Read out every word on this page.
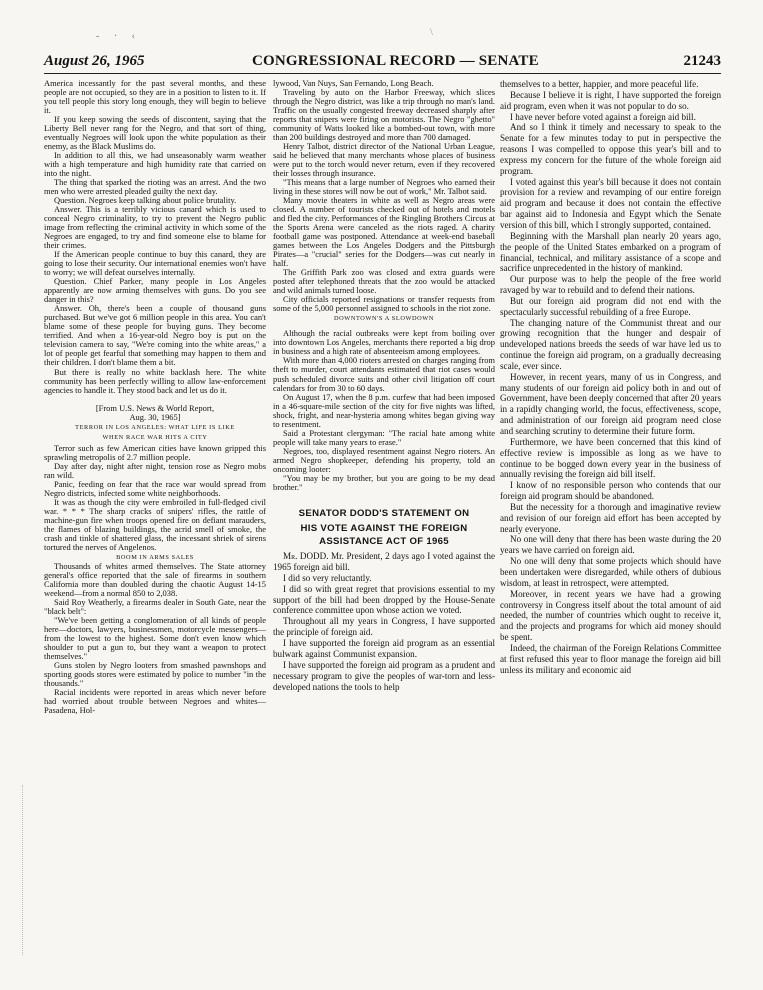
- · ‹	\
August 26, 1965	CONGRESSIONAL RECORD — SENATE	21243

America incessantly for the past several months, and these people are not occupied, so they are in a position to listen to it. If you tell people this story long enough, they will begin to believe it.

If you keep sowing the seeds of discontent, saying that the Liberty Bell never rang for the Negro, and that sort of thing, eventually Negroes will look upon the white population as their enemy, as the Black Muslims do.

In addition to all this, we had unseasonably warm weather with a high temperature and high humidity rate that carried on into the night.

The thing that sparked the rioting was an arrest. And the two men who were arrested pleaded guilty the next day.

Question. Negroes keep talking about police brutality.

Answer. This is a terribly vicious canard which is used to conceal Negro criminality, to try to prevent the Negro public image from reflecting the criminal activity in which some of the Negroes are engaged, to try and find someone else to blame for their crimes.

If the American people continue to buy this canard, they are going to lose their security. Our international enemies won't have to worry; we will defeat ourselves internally.

Question. Chief Parker, many people in Los Angeles apparently are now arming themselves with guns. Do you see danger in this?

Answer. Oh, there's been a couple of thousand guns purchased. But we've got 6 million people in this area. You can't blame some of these people for buying guns. They become terrified. And when a 16-year-old Negro boy is put on the television camera to say, "We're coming into the white areas," a lot of people get fearful that something may happen to them and their children. I don't blame them a bit.

But there is really no white backlash here. The white community has been perfectly willing to allow law-enforcement agencies to handle it. They stood back and let us do it.

[From U.S. News & World Report,

Aug. 30, 1965]

TERROR IN LOS ANGELES: WHAT LIFE IS LIKE

WHEN RACE WAR HITS A CITY

Terror such as few American cities have known gripped this sprawling metropolis of 2.7 million people.

Day after day, night after night, tension rose as Negro mobs ran wild.

Panic, feeding on fear that the race war would spread from Negro districts, infected some white neighborhoods.

It was as though the city were embroiled in full-fledged civil war. * * * The sharp cracks of snipers' rifles, the rattle of machine-gun fire when troops opened fire on defiant marauders, the flames of blazing buildings, the acrid smell of smoke, the crash and tinkle of shattered glass, the incessant shriek of sirens tortured the nerves of Angelenos.

BOOM IN ARMS SALES

Thousands of whites armed themselves. The State attorney general's office reported that the sale of firearms in southern California more than doubled during the chaotic August 14-15 weekend—from a normal 850 to 2,038.

Said Roy Weatherly, a firearms dealer in South Gate, near the "black belt":

"We've been getting a conglomeration of all kinds of people here—doctors, lawyers, businessmen, motorcycle messengers—from the lowest to the highest. Some don't even know which shoulder to put a gun to, but they want a weapon to protect themselves."

Guns stolen by Negro looters from smashed pawnshops and sporting goods stores were estimated by police to number "in the thousands."

Racial incidents were reported in areas which never before had worried about trouble between Negroes and whites—Pasadena, Hol-

lywood, Van Nuys, San Fernando, Long Beach.

Traveling by auto on the Harbor Freeway, which slices through the Negro district, was like a trip through no man's land. Traffic on the usually congested freeway decreased sharply after reports that snipers were firing on motorists. The Negro "ghetto" community of Watts looked like a bombed-out town, with more than 200 buildings destroyed and more than 700 damaged.

Henry Talbot, district director of the National Urban League, said he believed that many merchants whose places of business were put to the torch would never return, even if they recovered their losses through insurance.

"This means that a large number of Negroes who earned their living in these stores will now be out of work," Mr. Talbot said.

Many movie theaters in white as well as Negro areas were closed. A number of tourists checked out of hotels and motels and fled the city. Performances of the Ringling Brothers Circus at the Sports Arena were canceled as the riots raged. A charity football game was postponed. Attendance at week-end baseball games between the Los Angeles Dodgers and the Pittsburgh Pirates—a "crucial" series for the Dodgers—was cut nearly in half.

The Griffith Park zoo was closed and extra guards were posted after telephoned threats that the zoo would be attacked and wild animals turned loose.

City officials reported resignations or transfer requests from some of the 5,000 personnel assigned to schools in the riot zone.

DOWNTOWN'S A SLOWDOWN

Although the racial outbreaks were kept from boiling over into downtown Los Angeles, merchants there reported a big drop in business and a high rate of absenteeism among employees.

With more than 4,000 rioters arrested on charges ranging from theft to murder, court attendants estimated that riot cases would push scheduled divorce suits and other civil litigation off court calendars for from 30 to 60 days.

On August 17, when the 8 p.m. curfew that had been imposed in a 46-square-mile section of the city for five nights was lifted, shock, fright, and near-hysteria among whites began giving way to resentment.

Said a Protestant clergyman: "The racial hate among white people will take many years to erase."

Negroes, too, displayed resentment against Negro rioters. An armed Negro shopkeeper, defending his property, told an oncoming looter:

"You may be my brother, but you are going to be my dead brother."

SENATOR DODD'S STATEMENT ON

HIS VOTE AGAINST THE FOREIGN

ASSISTANCE ACT OF 1965

Mr. DODD. Mr. President, 2 days ago I voted against the 1965 foreign aid bill.

I did so very reluctantly.

I did so with great regret that provisions essential to my support of the bill had been dropped by the House-Senate conference committee upon whose action we voted.

Throughout all my years in Congress, I have supported the principle of foreign aid.

I have supported the foreign aid program as an essential bulwark against Communist expansion.

I have supported the foreign aid program as a prudent and necessary program to give the peoples of war-torn and less-developed nations the tools to help

themselves to a better, happier, and more peaceful life.

Because I believe it is right, I have supported the foreign aid program, even when it was not popular to do so.

I have never before voted against a foreign aid bill.

And so I think it timely and necessary to speak to the Senate for a few minutes today to put in perspective the reasons I was compelled to oppose this year's bill and to express my concern for the future of the whole foreign aid program.

I voted against this year's bill because it does not contain provision for a review and revamping of our entire foreign aid program and because it does not contain the effective bar against aid to Indonesia and Egypt which the Senate version of this bill, which I strongly supported, contained.

Beginning with the Marshall plan nearly 20 years ago, the people of the United States embarked on a program of financial, technical, and military assistance of a scope and sacrifice unprecedented in the history of mankind.

Our purpose was to help the people of the free world ravaged by war to rebuild and to defend their nations.

But our foreign aid program did not end with the spectacularly successful rebuilding of a free Europe.

The changing nature of the Communist threat and our growing recognition that the hunger and despair of undeveloped nations breeds the seeds of war have led us to continue the foreign aid program, on a gradually decreasing scale, ever since.

However, in recent years, many of us in Congress, and many students of our foreign aid policy both in and out of Government, have been deeply concerned that after 20 years in a rapidly changing world, the focus, effectiveness, scope, and administration of our foreign aid program need close and searching scrutiny to determine their future form.

Furthermore, we have been concerned that this kind of effective review is impossible as long as we have to continue to be bogged down every year in the business of annually revising the foreign aid bill itself.

I know of no responsible person who contends that our foreign aid program should be abandoned.

But the necessity for a thorough and imaginative review and revision of our foreign aid effort has been accepted by nearly everyone.

No one will deny that there has been waste during the 20 years we have carried on foreign aid.

No one will deny that some projects which should have been undertaken were disregarded, while others of dubious wisdom, at least in retrospect, were attempted.

Moreover, in recent years we have had a growing controversy in Congress itself about the total amount of aid needed, the number of countries which ought to receive it, and the projects and programs for which aid money should be spent.

Indeed, the chairman of the Foreign Relations Committee at first refused this year to floor manage the foreign aid bill unless its military and economic aid
